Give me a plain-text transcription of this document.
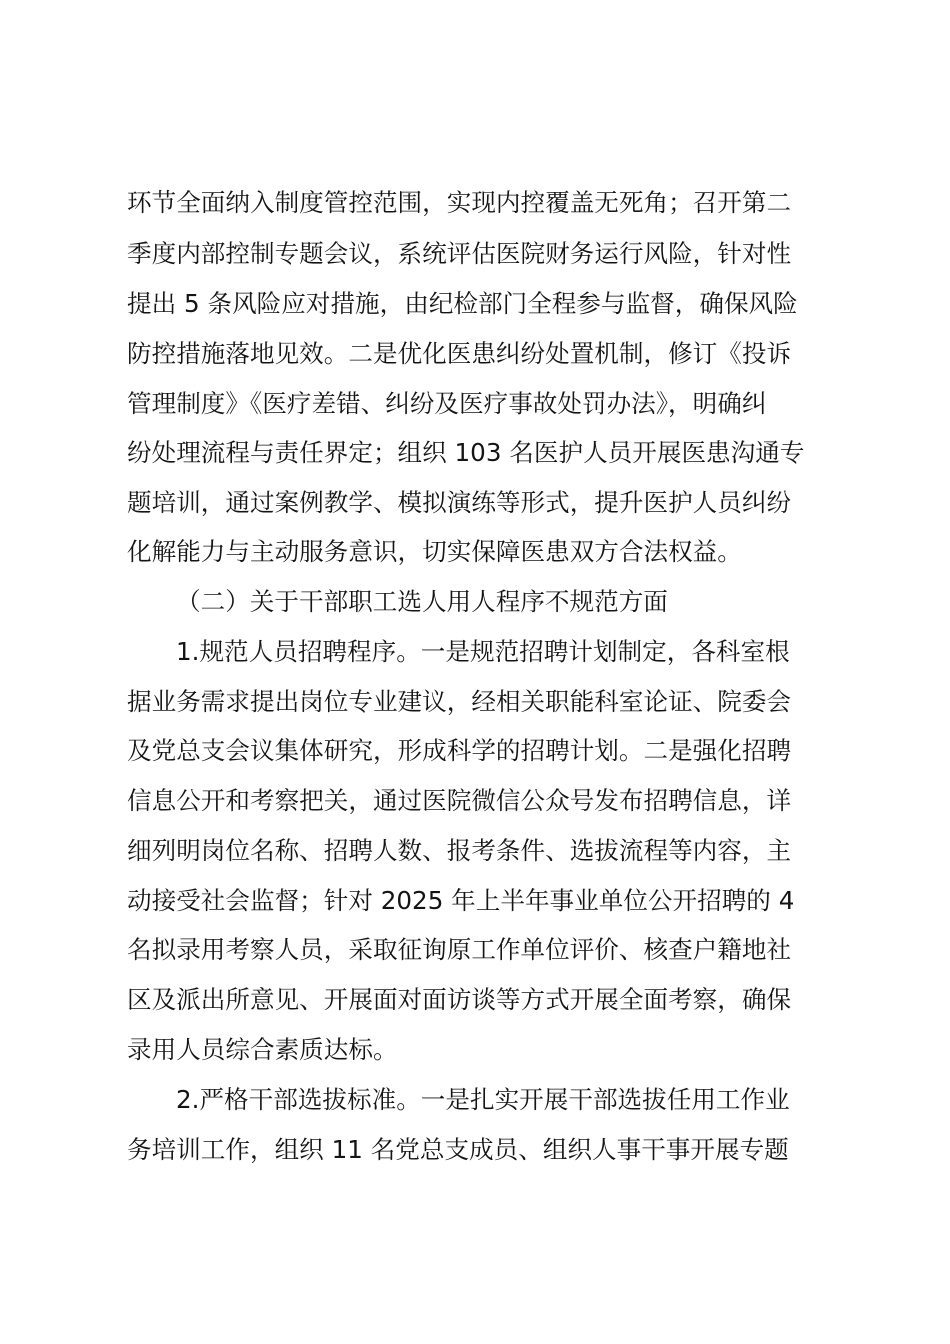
环节全面纳入制度管控范围，实现内控覆盖无死角；召开第二
季度内部控制专题会议，系统评估医院财务运行风险，针对性
提出 5 条风险应对措施，由纪检部门全程参与监督，确保风险
防控措施落地见效。二是优化医患纠纷处置机制，修订《投诉
管理制度》《医疗差错、纠纷及医疗事故处罚办法》，明确纠
纷处理流程与责任界定；组织 103 名医护人员开展医患沟通专
题培训，通过案例教学、模拟演练等形式，提升医护人员纠纷
化解能力与主动服务意识，切实保障医患双方合法权益。
（二）关于干部职工选人用人程序不规范方面
1.规范人员招聘程序。一是规范招聘计划制定，各科室根
据业务需求提出岗位专业建议，经相关职能科室论证、院委会
及党总支会议集体研究，形成科学的招聘计划。二是强化招聘
信息公开和考察把关，通过医院微信公众号发布招聘信息，详
细列明岗位名称、招聘人数、报考条件、选拔流程等内容，主
动接受社会监督；针对 2025 年上半年事业单位公开招聘的 4
名拟录用考察人员，采取征询原工作单位评价、核查户籍地社
区及派出所意见、开展面对面访谈等方式开展全面考察，确保
录用人员综合素质达标。
2.严格干部选拔标准。一是扎实开展干部选拔任用工作业
务培训工作，组织 11 名党总支成员、组织人事干事开展专题
